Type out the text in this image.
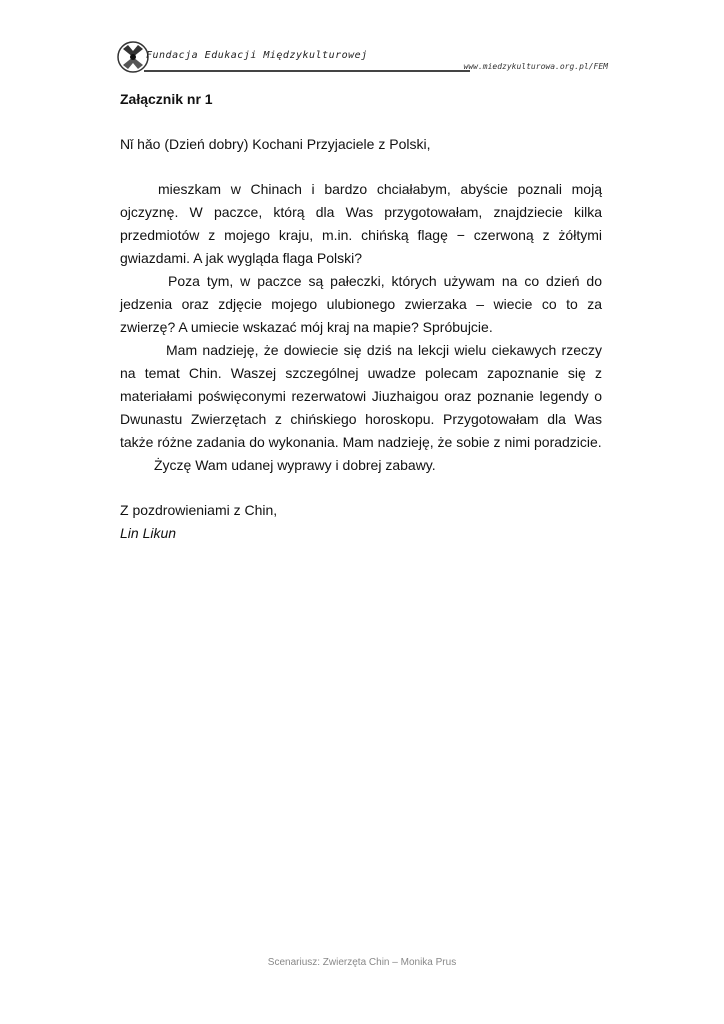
Fundacja Edukacji Międzykulturowej
www.miedzykulturowa.org.pl/FEM

Załącznik nr 1

Nǐ hǎo (Dzień dobry) Kochani Przyjaciele z Polski,

mieszkam w Chinach i bardzo chciałabym, abyście poznali moją ojczyznę. W paczce, którą dla Was przygotowałam, znajdziecie kilka przedmiotów z mojego kraju, m.in. chińską flagę − czerwoną z żółtymi gwiazdami. A jak wygląda flaga Polski?

Poza tym, w paczce są pałeczki, których używam na co dzień do jedzenia oraz zdjęcie mojego ulubionego zwierzaka – wiecie co to za zwierzę? A umiecie wskazać mój kraj na mapie? Spróbujcie.

Mam nadzieję, że dowiecie się dziś na lekcji wielu ciekawych rzeczy na temat Chin. Waszej szczególnej uwadze polecam zapoznanie się z materiałami poświęconymi rezerwatowi Jiuzhaigou oraz poznanie legendy o Dwunastu Zwierzętach z chińskiego horoskopu. Przygotowałam dla Was także różne zadania do wykonania. Mam nadzieję, że sobie z nimi poradzicie.

Życzę Wam udanej wyprawy i dobrej zabawy.

Z pozdrowieniami z Chin,

Lin Likun

Scenariusz: Zwierzęta Chin – Monika Prus
